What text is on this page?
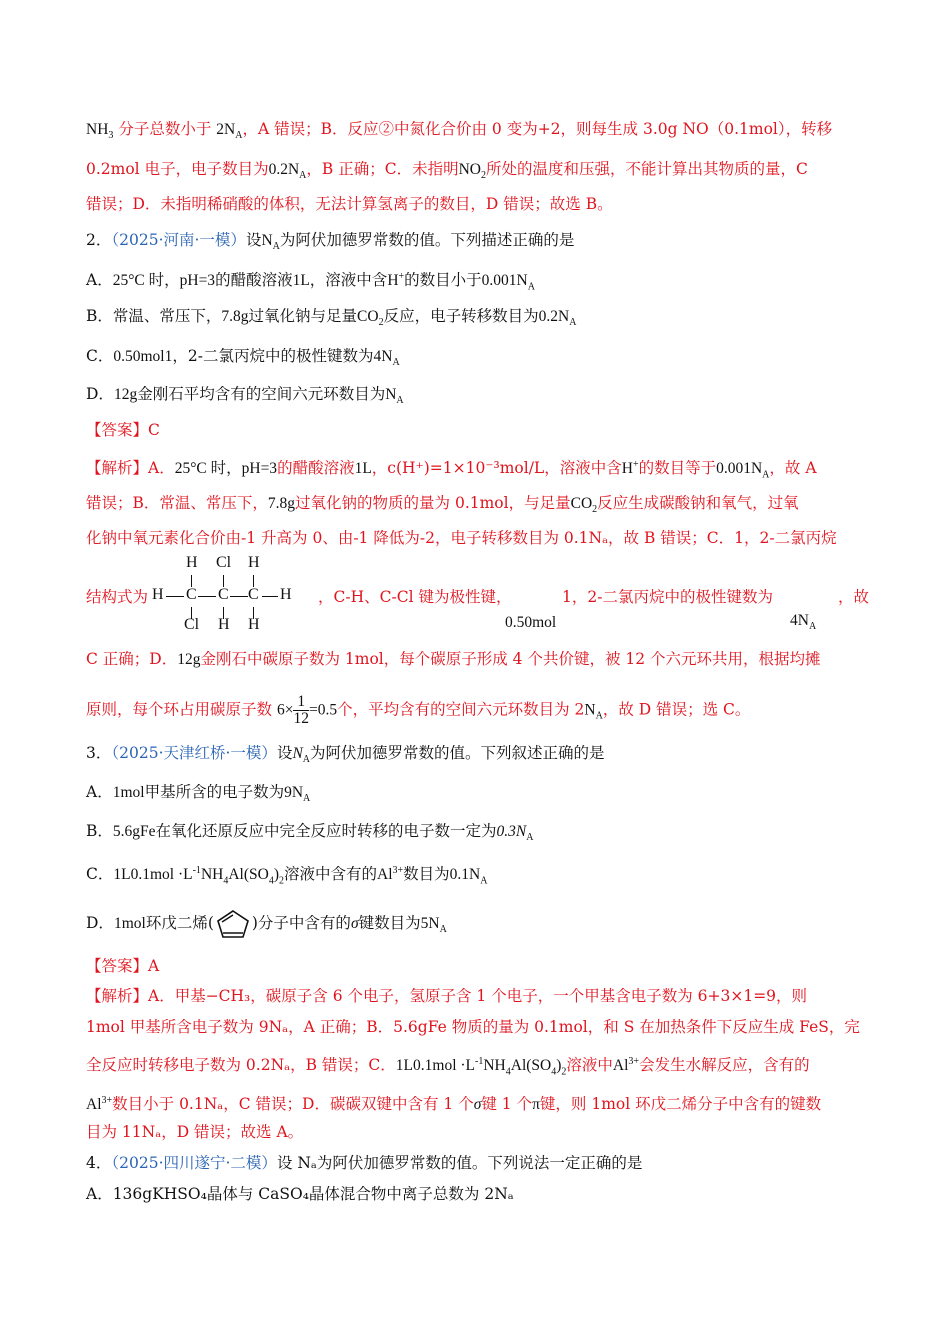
$NH_3$ 分子总数小于 $2N_A$，A 错误；B．反应②中氮化合价由 0 变为+2，则每生成 3.0g NO（0.1mol），转移
0.2mol 电子，电子数目为$0.2N_A$，B 正确；C．未指明$NO_2$所处的温度和压强，不能计算出其物质的量，C
错误；D．未指明稀硝酸的体积，无法计算氢离子的数目，D 错误；故选 B。
2．（2025·河南·一模）设$N_A$为阿伏加德罗常数的值。下列描述正确的是
A．25°C 时，pH=3的醋酸溶液1L，溶液中含H+的数目小于$0.001N_A$
B．常温、常压下，7.8g过氧化钠与足量$CO_2$反应，电子转移数目为$0.2N_A$
C．0.50mol1，2-二氯丙烷中的极性键数为$4N_A$
D．12g金刚石平均含有的空间六元环数目为$N_A$
【答案】C
【解析】A．25°C 时，pH=3的醋酸溶液1L，c(H⁺)=1×10⁻³mol/L，溶液中含H+的数目等于$0.001N_A$，故 A
错误；B．常温、常压下，7.8g过氧化钠的物质的量为 0.1mol，与足量$CO_2$反应生成碳酸钠和氧气，过氧
化钠中氧元素化合价由-1 升高为 0、由-1 降低为-2，电子转移数目为 0.1Nₐ，故 B 错误；C．1，2-二氯丙烷
结构式为
H Cl H
H C C C H
Cl H H
，C-H、C-Cl 键为极性键，	1，2-二氯丙烷中的极性键数为	，故
0.50mol	$4N_A$
C 正确；D．12g金刚石中碳原子数为 1mol，每个碳原子形成 4 个共价键，被 12 个六元环共用，根据均摊
原则，每个环占用碳原子数 $6\times \frac{1}{12} =0.5$个，平均含有的空间六元环数目为 $2N_A$，故 D 错误；选 C。
3．（2025·天津红桥·一模）设$N_A$为阿伏加德罗常数的值。下列叙述正确的是
A．1mol甲基所含的电子数为$9N_A$
B．5.6gFe在氧化还原反应中完全反应时转移的电子数一定为$0.3N_A$
C．$1L0.1mol \cdot L^{-1}NH_4Al(SO_4)_2$溶液中含有的$Al^{3+}$数目为$0.1N_A$
D．1mol环戊二烯( )分子中含有的σ键数目为$5N_A$
【答案】A
【解析】A．甲基−CH₃，碳原子含 6 个电子，氢原子含 1 个电子，一个甲基含电子数为 6+3×1=9，则
1mol 甲基所含电子数为 9Nₐ，A 正确；B．5.6gFe 物质的量为 0.1mol，和 S 在加热条件下反应生成 FeS，完
全反应时转移电子数为 0.2Nₐ，B 错误；C．$1L0.1mol \cdot L^{-1}NH_4Al(SO_4)_2$溶液中$Al^{3+}$会发生水解反应，含有的
$Al^{3+}$数目小于 0.1Nₐ，C 错误；D．碳碳双键中含有 1 个σ键 1 个π键，则 1mol 环戊二烯分子中含有的键数
目为 11Nₐ，D 错误；故选 A。
4．（2025·四川遂宁·二模）设 Nₐ为阿伏加德罗常数的值。下列说法一定正确的是
A．136gKHSO₄晶体与 CaSO₄晶体混合物中离子总数为 2Nₐ
